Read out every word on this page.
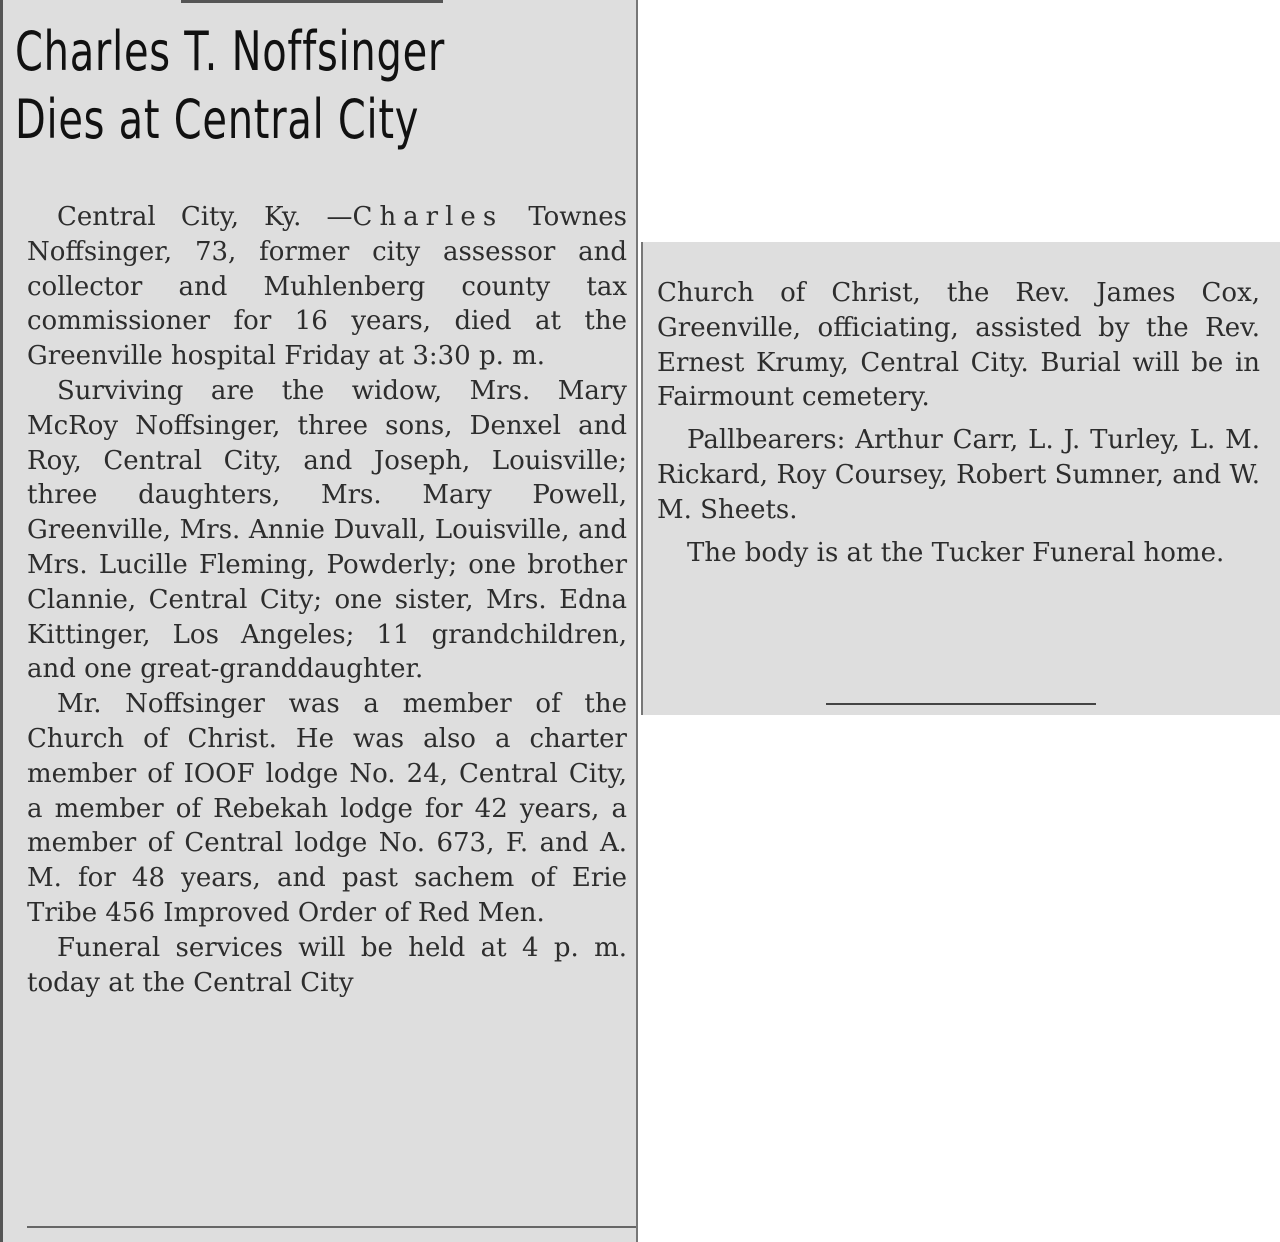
Charles T. Noffsinger
Dies at Central City

Central City, Ky. —Charles Townes Noffsinger, 73, former city assessor and collector and Muhlenberg county tax commissioner for 16 years, died at the Greenville hospital Friday at 3:30 p. m.

Surviving are the widow, Mrs. Mary McRoy Noffsinger, three sons, Denxel and Roy, Central City, and Joseph, Louisville; three daughters, Mrs. Mary Powell, Greenville, Mrs. Annie Duvall, Louisville, and Mrs. Lucille Fleming, Powderly; one brother Clannie, Central City; one sister, Mrs. Edna Kittinger, Los Angeles; 11 grandchildren, and one great-granddaughter.

Mr. Noffsinger was a member of the Church of Christ. He was also a charter member of IOOF lodge No. 24, Central City, a member of Rebekah lodge for 42 years, a member of Central lodge No. 673, F. and A. M. for 48 years, and past sachem of Erie Tribe 456 Improved Order of Red Men.

Funeral services will be held at 4 p. m. today at the Central City

Church of Christ, the Rev. James Cox, Greenville, officiating, assisted by the Rev. Ernest Krumy, Central City. Burial will be in Fairmount cemetery.

Pallbearers: Arthur Carr, L. J. Turley, L. M. Rickard, Roy Coursey, Robert Sumner, and W. M. Sheets.

The body is at the Tucker Funeral home.
